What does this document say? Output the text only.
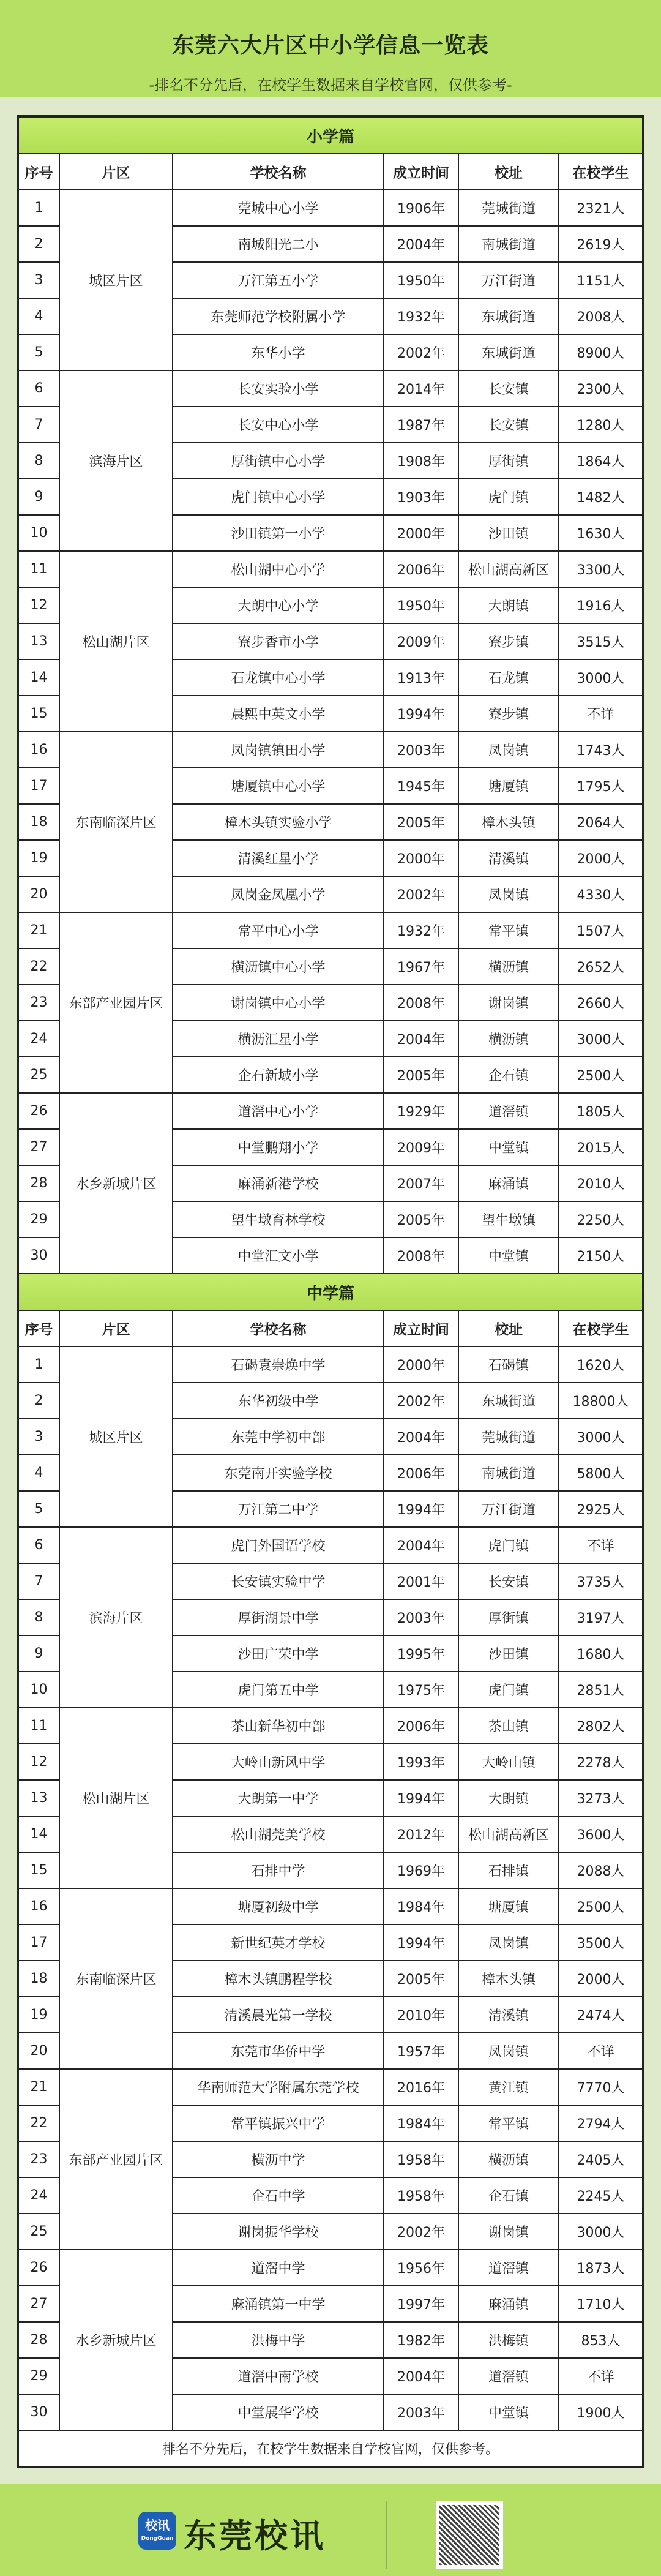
东莞六大片区中小学信息一览表
-排名不分先后，在校学生数据来自学校官网，仅供参考-
小学篇					
序号	片区	学校名称	成立时间	校址	在校学生
1	城区片区	莞城中心小学	1906年	莞城街道	2321人
2		南城阳光二小	2004年	南城街道	2619人
3		万江第五小学	1950年	万江街道	1151人
4		东莞师范学校附属小学	1932年	东城街道	2008人
5		东华小学	2002年	东城街道	8900人
6	滨海片区	长安实验小学	2014年	长安镇	2300人
7		长安中心小学	1987年	长安镇	1280人
8		厚街镇中心小学	1908年	厚街镇	1864人
9		虎门镇中心小学	1903年	虎门镇	1482人
10		沙田镇第一小学	2000年	沙田镇	1630人
11	松山湖片区	松山湖中心小学	2006年	松山湖高新区	3300人
12		大朗中心小学	1950年	大朗镇	1916人
13		寮步香市小学	2009年	寮步镇	3515人
14		石龙镇中心小学	1913年	石龙镇	3000人
15		晨熙中英文小学	1994年	寮步镇	不详
16	东南临深片区	凤岗镇镇田小学	2003年	凤岗镇	1743人
17		塘厦镇中心小学	1945年	塘厦镇	1795人
18		樟木头镇实验小学	2005年	樟木头镇	2064人
19		清溪红星小学	2000年	清溪镇	2000人
20		凤岗金凤凰小学	2002年	凤岗镇	4330人
21	东部产业园片区	常平中心小学	1932年	常平镇	1507人
22		横沥镇中心小学	1967年	横沥镇	2652人
23		谢岗镇中心小学	2008年	谢岗镇	2660人
24		横沥汇星小学	2004年	横沥镇	3000人
25		企石新域小学	2005年	企石镇	2500人
26	水乡新城片区	道滘中心小学	1929年	道滘镇	1805人
27		中堂鹏翔小学	2009年	中堂镇	2015人
28		麻涌新港学校	2007年	麻涌镇	2010人
29		望牛墩育林学校	2005年	望牛墩镇	2250人
30		中堂汇文小学	2008年	中堂镇	2150人
中学篇					
序号	片区	学校名称	成立时间	校址	在校学生
1	城区片区	石碣袁崇焕中学	2000年	石碣镇	1620人
2		东华初级中学	2002年	东城街道	18800人
3		东莞中学初中部	2004年	莞城街道	3000人
4		东莞南开实验学校	2006年	南城街道	5800人
5		万江第二中学	1994年	万江街道	2925人
6	滨海片区	虎门外国语学校	2004年	虎门镇	不详
7		长安镇实验中学	2001年	长安镇	3735人
8		厚街湖景中学	2003年	厚街镇	3197人
9		沙田广荣中学	1995年	沙田镇	1680人
10		虎门第五中学	1975年	虎门镇	2851人
11	松山湖片区	茶山新华初中部	2006年	茶山镇	2802人
12		大岭山新风中学	1993年	大岭山镇	2278人
13		大朗第一中学	1994年	大朗镇	3273人
14		松山湖莞美学校	2012年	松山湖高新区	3600人
15		石排中学	1969年	石排镇	2088人
16	东南临深片区	塘厦初级中学	1984年	塘厦镇	2500人
17		新世纪英才学校	1994年	凤岗镇	3500人
18		樟木头镇鹏程学校	2005年	樟木头镇	2000人
19		清溪晨光第一学校	2010年	清溪镇	2474人
20		东莞市华侨中学	1957年	凤岗镇	不详
21	东部产业园片区	华南师范大学附属东莞学校	2016年	黄江镇	7770人
22		常平镇振兴中学	1984年	常平镇	2794人
23		横沥中学	1958年	横沥镇	2405人
24		企石中学	1958年	企石镇	2245人
25		谢岗振华学校	2002年	谢岗镇	3000人
26	水乡新城片区	道滘中学	1956年	道滘镇	1873人
27		麻涌镇第一中学	1997年	麻涌镇	1710人
28		洪梅中学	1982年	洪梅镇	853人
29		道滘中南学校	2004年	道滘镇	不详
30		中堂展华学校	2003年	中堂镇	1900人
排名不分先后，在校学生数据来自学校官网，仅供参考。					
校讯
DongGuan 东莞校讯
